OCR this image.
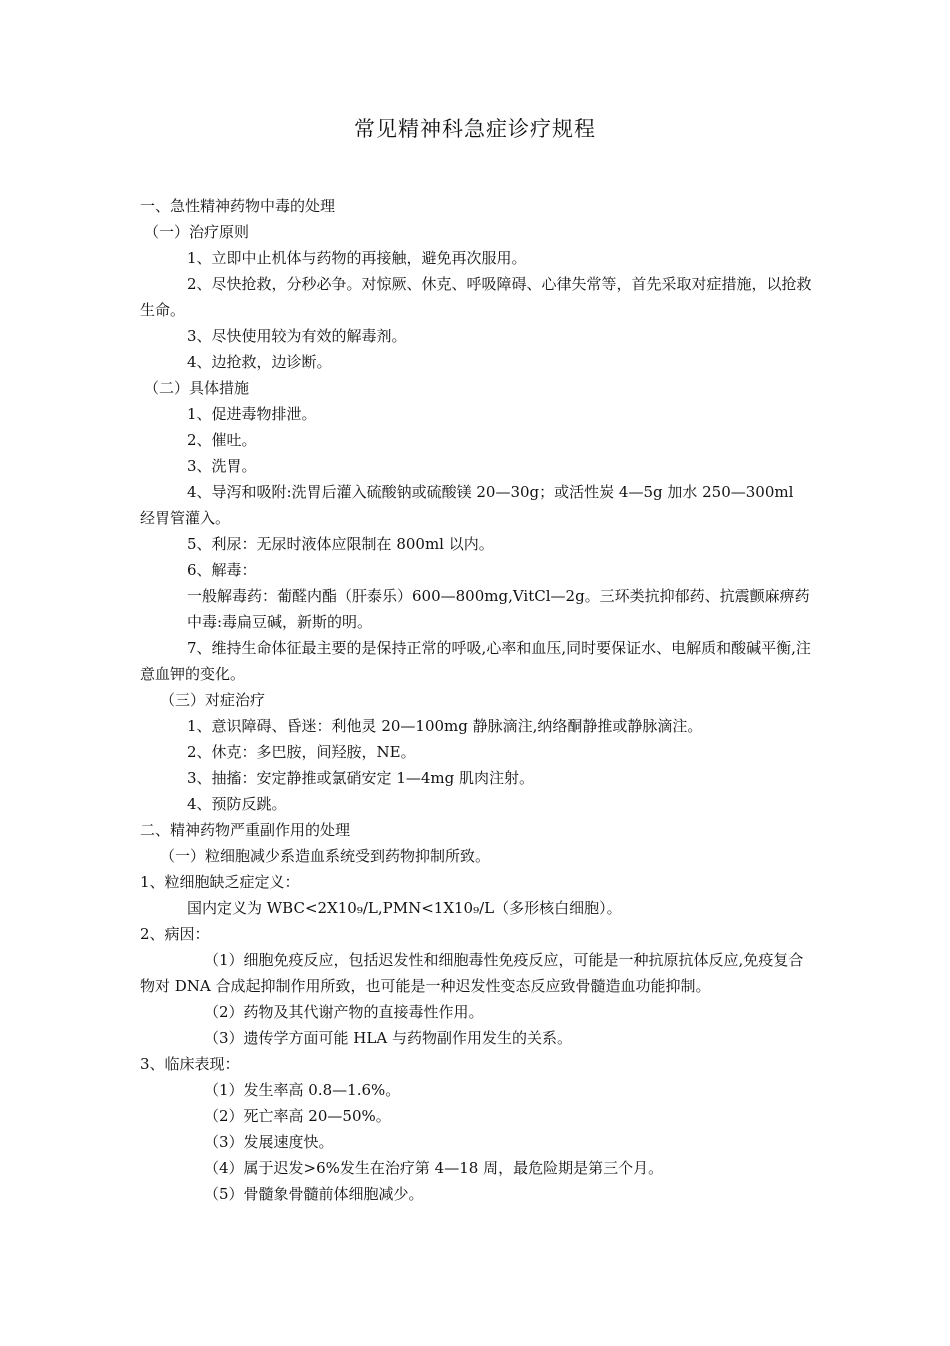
常见精神科急症诊疗规程
一、急性精神药物中毒的处理
（一）治疗原则
1、立即中止机体与药物的再接触，避免再次服用。
2、尽快抢救，分秒必争。对惊厥、休克、呼吸障碍、心律失常等，首先采取对症措施，以抢救生命。
3、尽快使用较为有效的解毒剂。
4、边抢救，边诊断。
（二）具体措施
1、促进毒物排泄。
2、催吐。
3、洗胃。
4、导泻和吸附:洗胃后灌入硫酸钠或硫酸镁 20—30g；或活性炭 4—5g 加水 250—300ml 经胃管灌入。
5、利尿：无尿时液体应限制在 800ml 以内。
6、解毒：
一般解毒药：葡醛内酯（肝泰乐）600—800mg,VitCl—2g。三环类抗抑郁药、抗震颤麻痹药中毒:毒扁豆碱，新斯的明。
7、维持生命体征最主要的是保持正常的呼吸,心率和血压,同时要保证水、电解质和酸碱平衡,注意血钾的变化。
（三）对症治疗
1、意识障碍、昏迷：利他灵 20—100mg 静脉滴注,纳络酮静推或静脉滴注。
2、休克：多巴胺，间羟胺，NE。
3、抽搐：安定静推或氯硝安定 1—4mg 肌肉注射。
4、预防反跳。
二、精神药物严重副作用的处理
（一）粒细胞减少系造血系统受到药物抑制所致。
1、粒细胞缺乏症定义：
国内定义为 WBC<2X10₉/L,PMN<1X10₉/L（多形核白细胞）。
2、病因：
（1）细胞免疫反应，包括迟发性和细胞毒性免疫反应，可能是一种抗原抗体反应,免疫复合物对 DNA 合成起抑制作用所致，也可能是一种迟发性变态反应致骨髓造血功能抑制。
（2）药物及其代谢产物的直接毒性作用。
（3）遗传学方面可能 HLA 与药物副作用发生的关系。
3、临床表现：
（1）发生率高 0.8—1.6%。
（2）死亡率高 20—50%。
（3）发展速度快。
（4）属于迟发>6%发生在治疗第 4—18 周，最危险期是第三个月。
（5）骨髓象骨髓前体细胞减少。
